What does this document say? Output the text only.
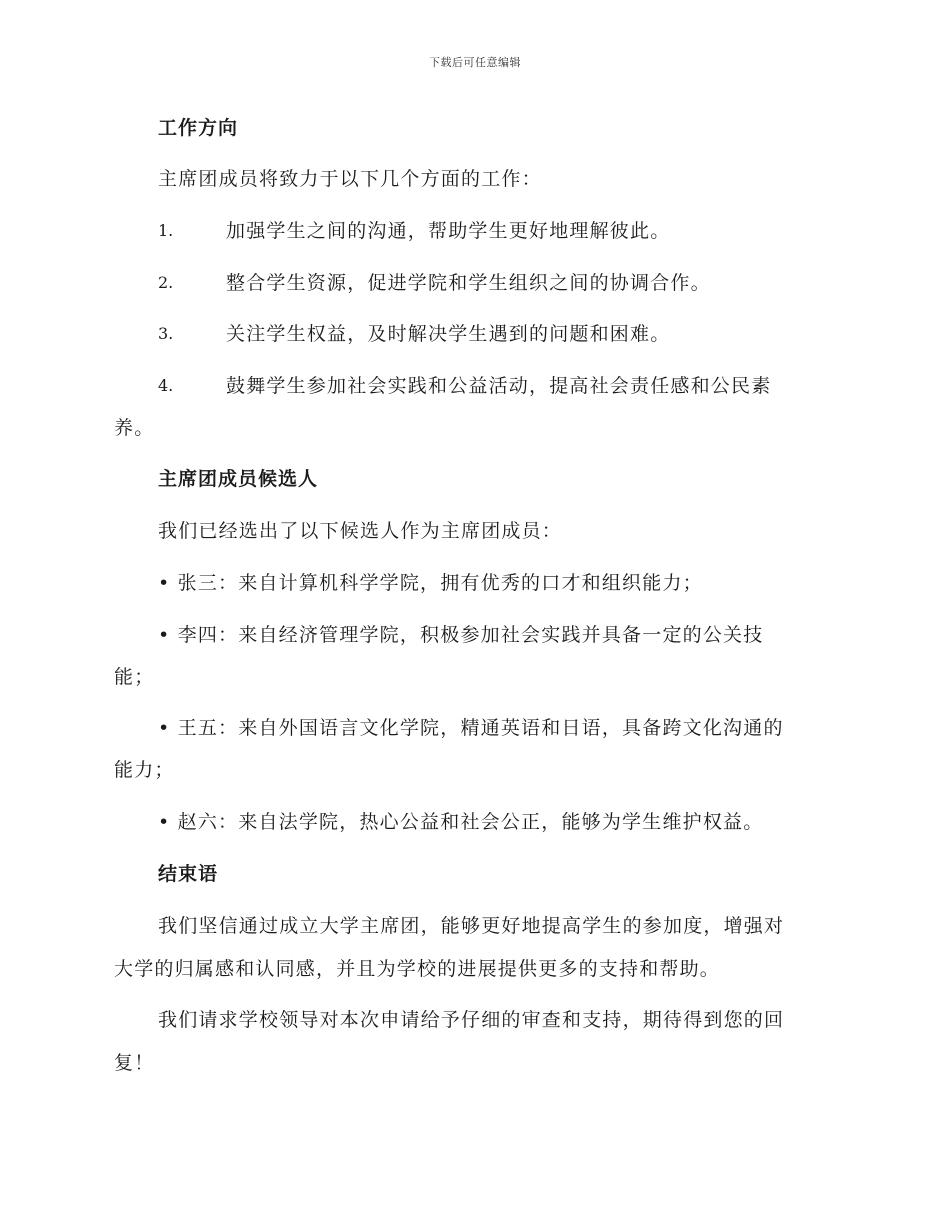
下载后可任意编辑
工作方向
主席团成员将致力于以下几个方面的工作：
1.	加强学生之间的沟通，帮助学生更好地理解彼此。
2.	整合学生资源，促进学院和学生组织之间的协调合作。
3.	关注学生权益，及时解决学生遇到的问题和困难。
4.	鼓舞学生参加社会实践和公益活动，提高社会责任感和公民素
养。
主席团成员候选人
我们已经选出了以下候选人作为主席团成员：
• 张三：来自计算机科学学院，拥有优秀的口才和组织能力；
• 李四：来自经济管理学院，积极参加社会实践并具备一定的公关技
能；
• 王五：来自外国语言文化学院，精通英语和日语，具备跨文化沟通的
能力；
• 赵六：来自法学院，热心公益和社会公正，能够为学生维护权益。
结束语
我们坚信通过成立大学主席团，能够更好地提高学生的参加度，增强对
大学的归属感和认同感，并且为学校的进展提供更多的支持和帮助。
我们请求学校领导对本次申请给予仔细的审查和支持，期待得到您的回
复！
